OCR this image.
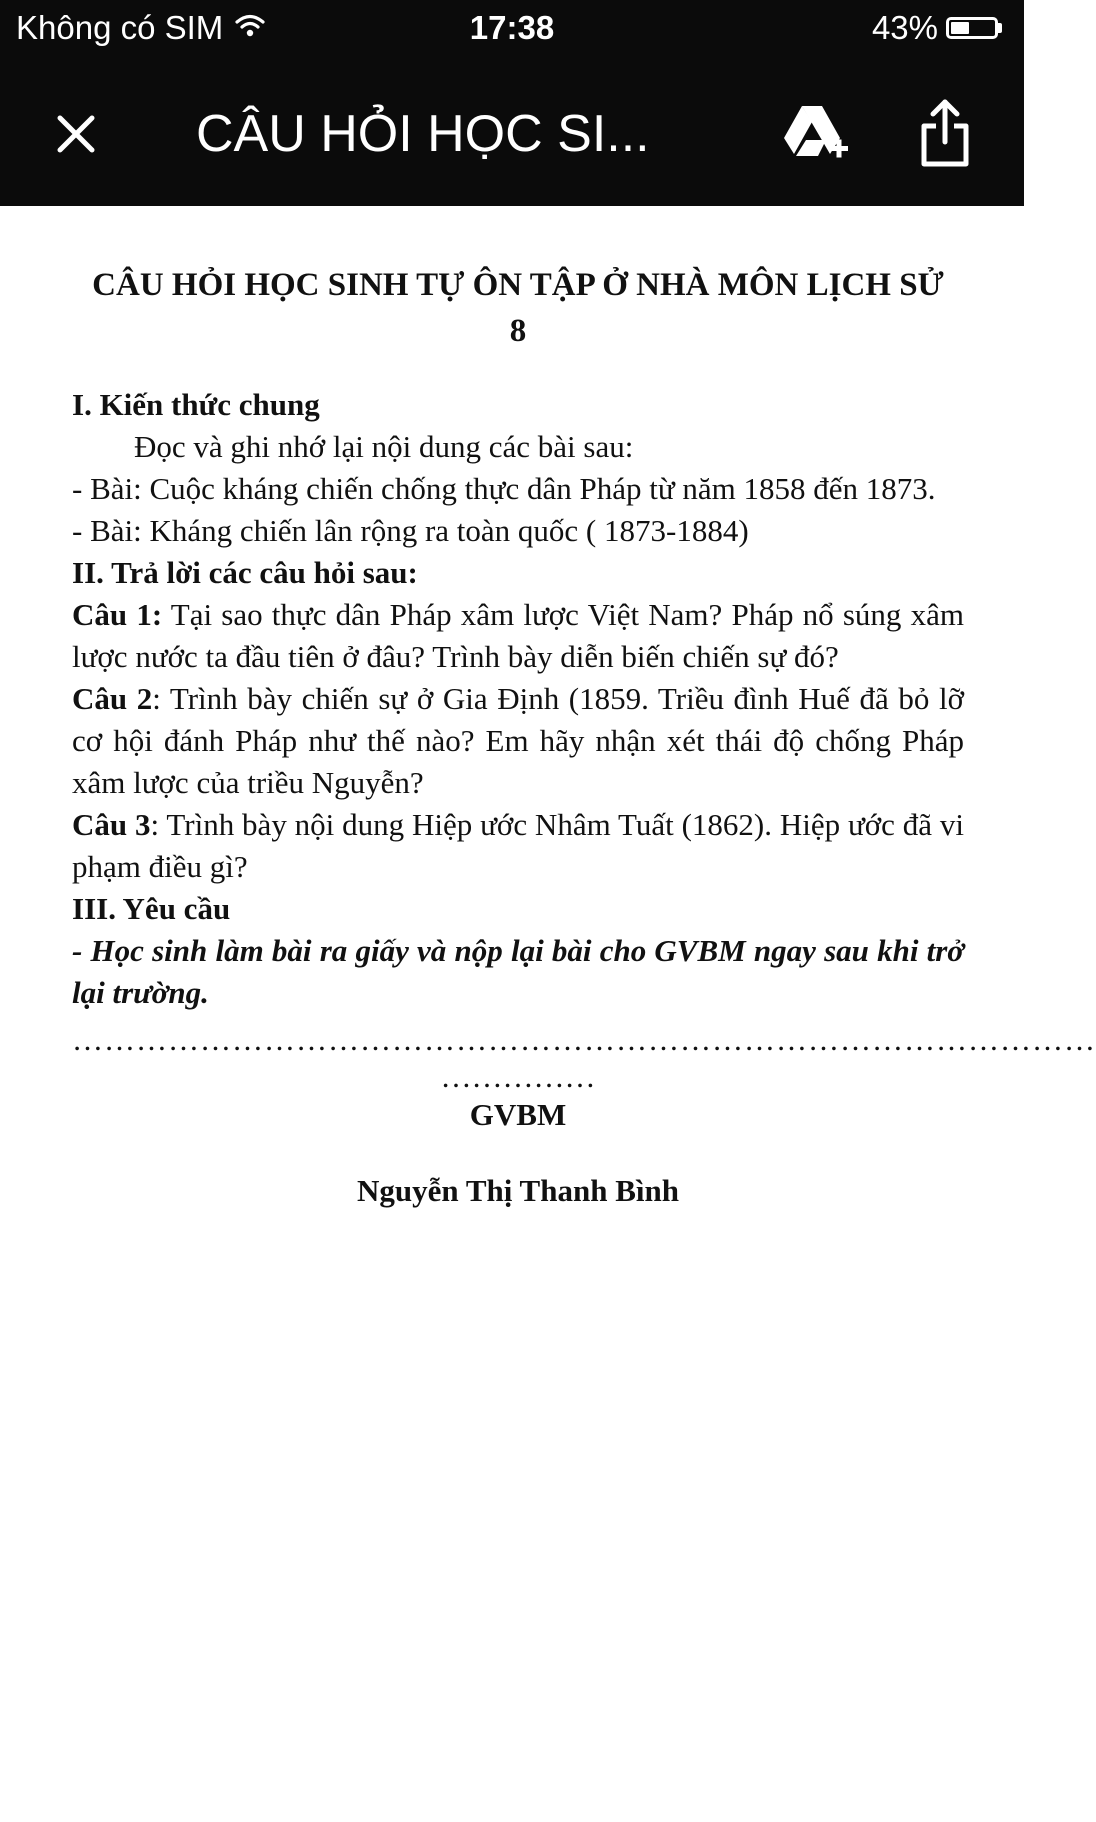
Không có SIM	17:38	43%
CÂU HỎI HỌC SI...
CÂU HỎI HỌC SINH TỰ ÔN TẬP Ở NHÀ MÔN LỊCH SỬ 8

I. Kiến thức chung

Đọc và ghi nhớ lại nội dung các bài sau:

- Bài: Cuộc kháng chiến chống thực dân Pháp từ năm 1858 đến 1873.

- Bài: Kháng chiến lân rộng ra toàn quốc ( 1873-1884)

II. Trả lời các câu hỏi sau:

Câu 1: Tại sao thực dân Pháp xâm lược Việt Nam? Pháp nổ súng xâm lược nước ta đầu tiên ở đâu? Trình bày diễn biến chiến sự đó?

Câu 2: Trình bày chiến sự ở Gia Định (1859. Triều đình Huế đã bỏ lỡ cơ hội đánh Pháp như thế nào? Em hãy nhận xét thái độ chống Pháp xâm lược của triều Nguyễn?

Câu 3: Trình bày nội dung Hiệp ước Nhâm Tuất (1862). Hiệp ước đã vi phạm điều gì?

III. Yêu cầu

- Học sinh làm bài ra giấy và nộp lại bài cho GVBM ngay sau khi trở lại trường.

……………………………………………………………………………………
……………
GVBM
Nguyễn Thị Thanh Bình
